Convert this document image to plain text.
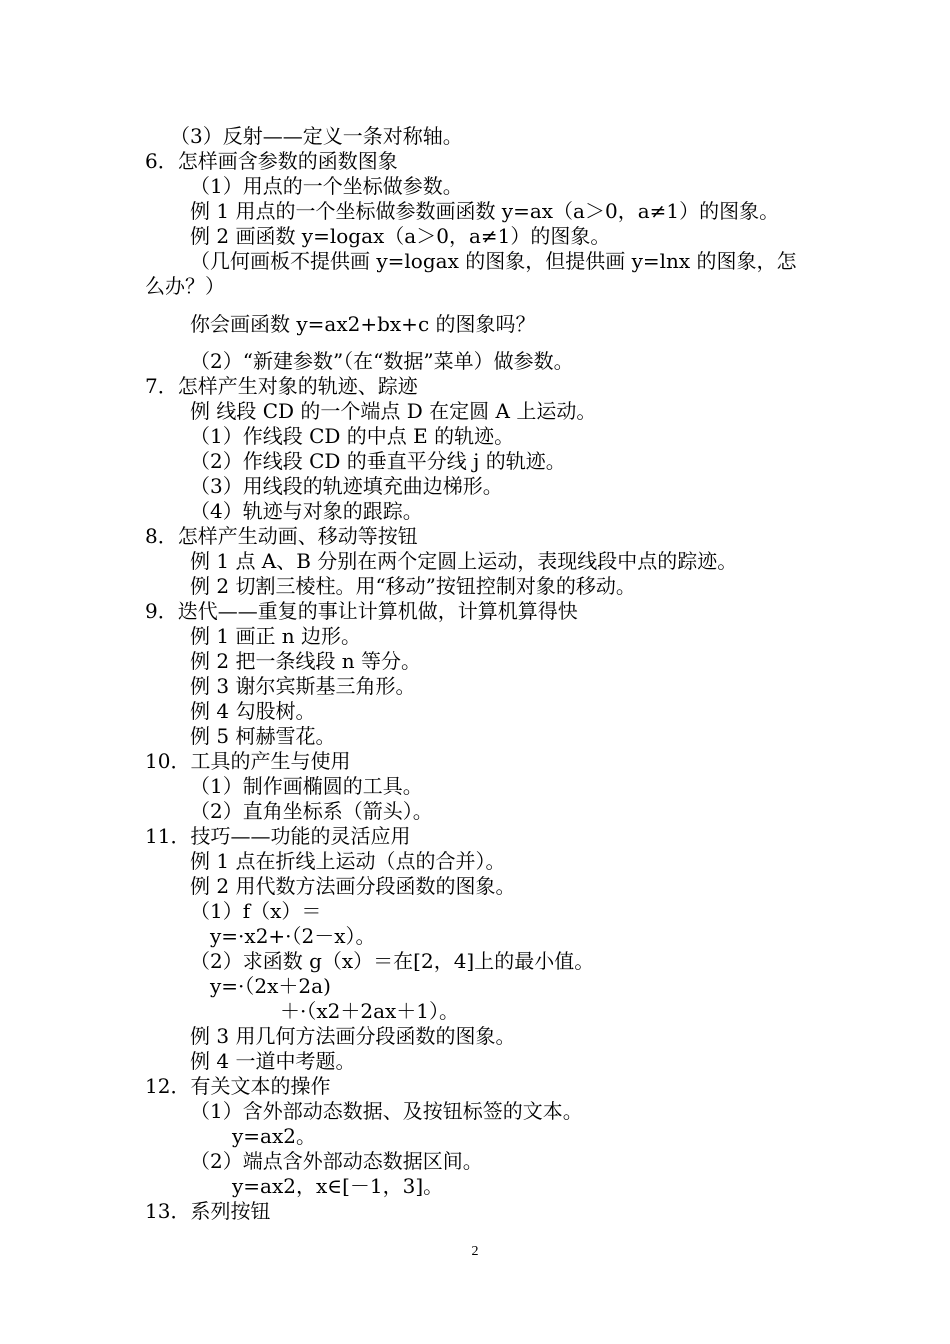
（3）反射——定义一条对称轴。
6．怎样画含参数的函数图象
（1）用点的一个坐标做参数。
例 1 用点的一个坐标做参数画函数 y=ax（a＞0，a≠1）的图象。
例 2 画函数 y=logax（a＞0，a≠1）的图象。
（几何画板不提供画 y=logax 的图象，但提供画 y=lnx 的图象，怎
么办？）
你会画函数 y=ax2+bx+c 的图象吗？
（2）“新建参数”（在“数据”菜单）做参数。
7．怎样产生对象的轨迹、踪迹
例 线段 CD 的一个端点 D 在定圆 A 上运动。
（1）作线段 CD 的中点 E 的轨迹。
（2）作线段 CD 的垂直平分线 j 的轨迹。
（3）用线段的轨迹填充曲边梯形。
（4）轨迹与对象的跟踪。
8．怎样产生动画、移动等按钮
例 1 点 A、B 分别在两个定圆上运动，表现线段中点的踪迹。
例 2 切割三棱柱。用“移动”按钮控制对象的移动。
9．迭代——重复的事让计算机做，计算机算得快
例 1 画正 n 边形。
例 2 把一条线段 n 等分。
例 3 谢尔宾斯基三角形。
例 4 勾股树。
例 5 柯赫雪花。
10．工具的产生与使用
（1）制作画椭圆的工具。
（2）直角坐标系（箭头）。
11．技巧——功能的灵活应用
例 1 点在折线上运动（点的合并）。
例 2 用代数方法画分段函数的图象。
（1）f（x）＝
y=·x2+·（2－x）。
（2）求函数 g（x）＝在[2，4]上的最小值。
y=·（2x＋2a)
＋·（x2＋2ax＋1）。
例 3 用几何方法画分段函数的图象。
例 4 一道中考题。
12．有关文本的操作
（1）含外部动态数据、及按钮标签的文本。
y=ax2。
（2）端点含外部动态数据区间。
y=ax2，x∈[－1，3]。
13．系列按钮
2
